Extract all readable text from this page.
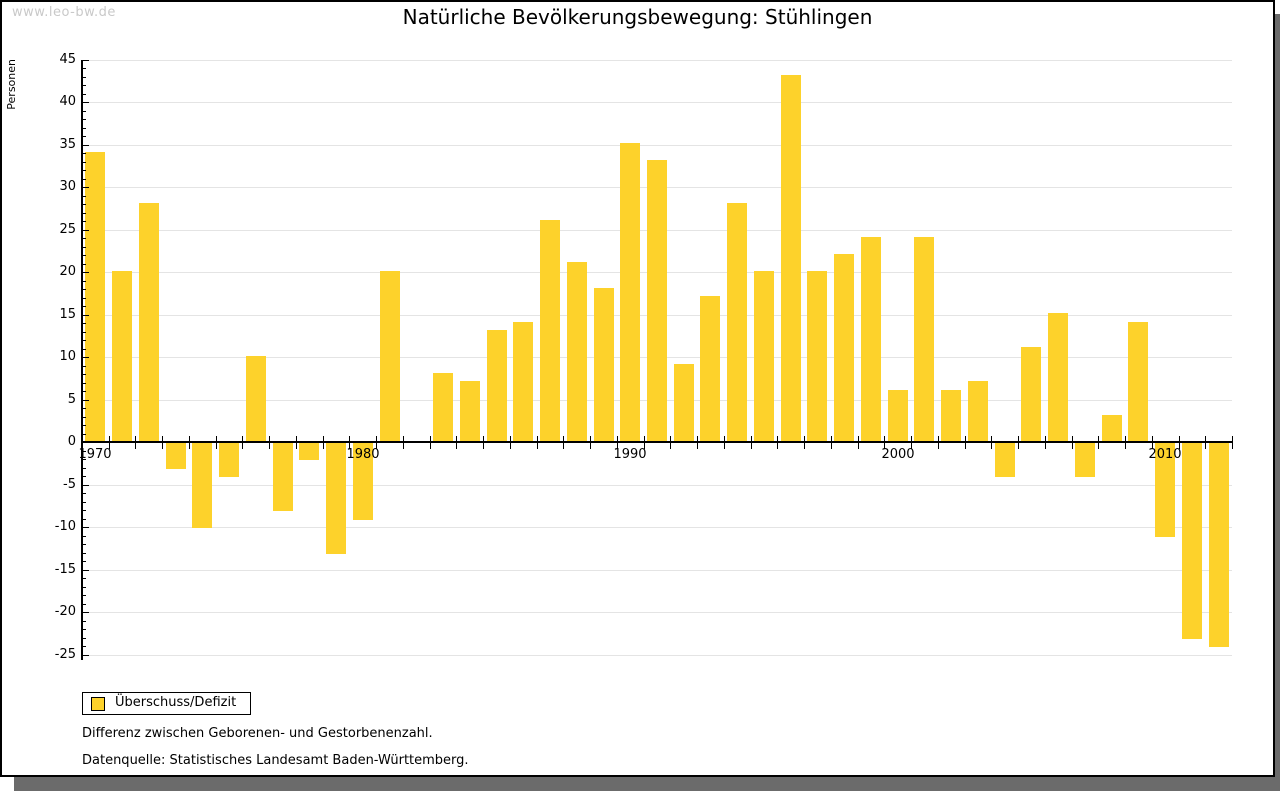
www.leo-bw.de	Natürliche Bevölkerungsbewegung: Stühlingen
Personen	45
40
35
30
25
20
15
10
5
0
-5
-10
-15
-20
-25
1970	1980	1990	2000	2010
Überschuss/Defizit
Differenz zwischen Geborenen- und Gestorbenenzahl.
Datenquelle: Statistisches Landesamt Baden-Württemberg.
